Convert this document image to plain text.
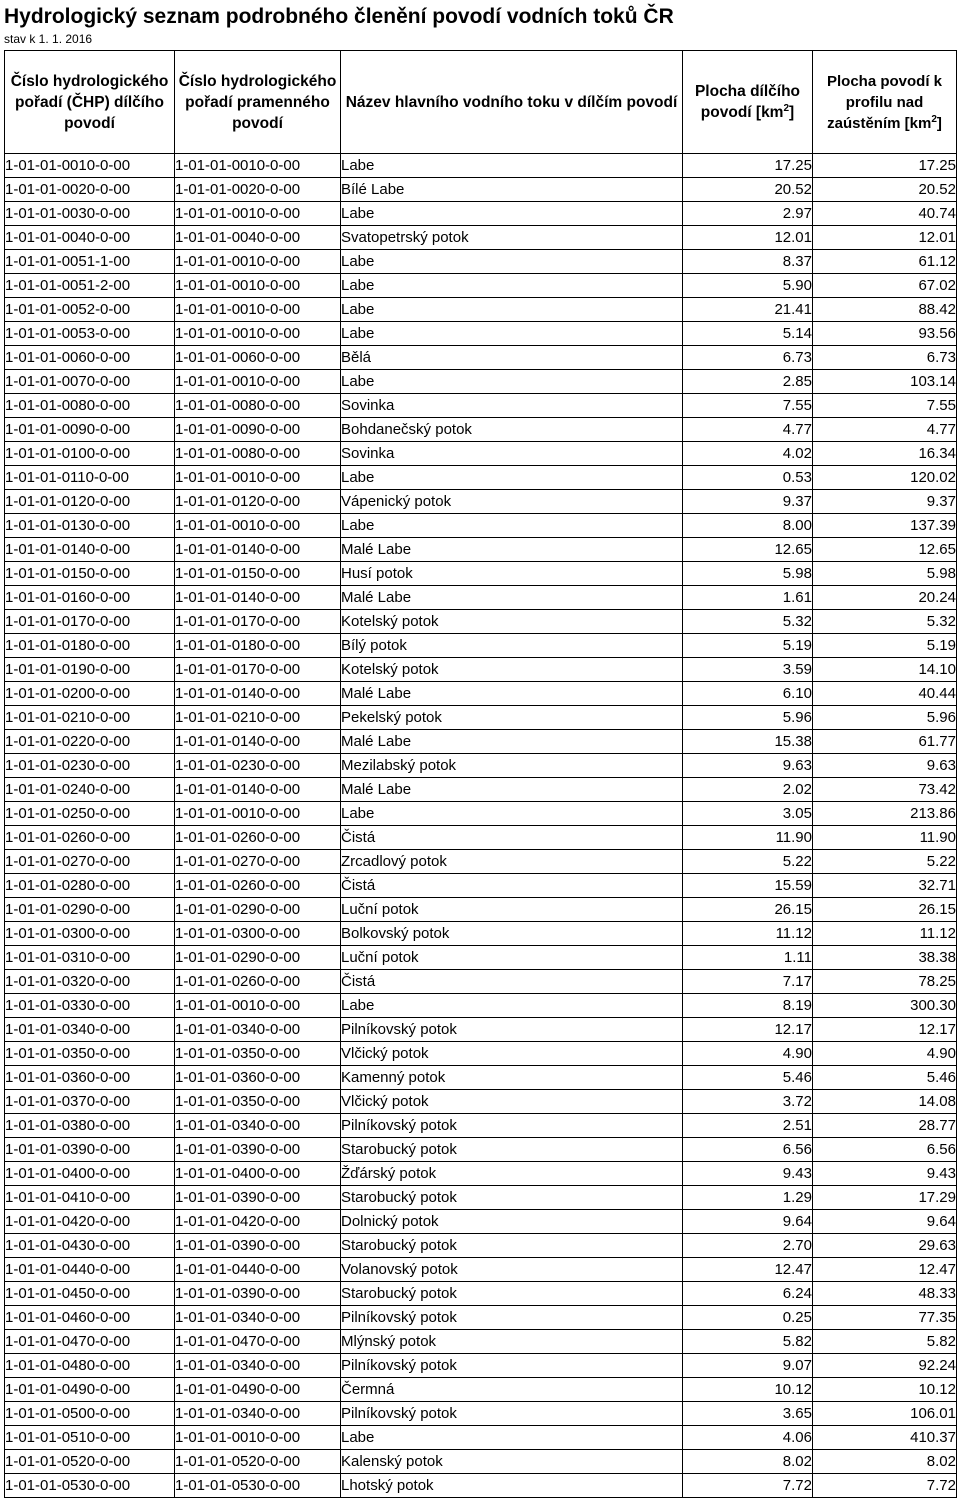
Hydrologický seznam podrobného členění povodí vodních toků ČR
stav k 1. 1. 2016
Číslo hydrologického pořadí (ČHP) dílčího povodí	Číslo hydrologického pořadí pramenného povodí	Název hlavního vodního toku v dílčím povodí	Plocha dílčího povodí $[km^2]$	Plocha povodí k profilu nad zaústěním $[km^2]$
1-01-01-0010-0-00	1-01-01-0010-0-00	Labe	17.25	17.25
1-01-01-0020-0-00	1-01-01-0020-0-00	Bílé Labe	20.52	20.52
1-01-01-0030-0-00	1-01-01-0010-0-00	Labe	2.97	40.74
1-01-01-0040-0-00	1-01-01-0040-0-00	Svatopetrský potok	12.01	12.01
1-01-01-0051-1-00	1-01-01-0010-0-00	Labe	8.37	61.12
1-01-01-0051-2-00	1-01-01-0010-0-00	Labe	5.90	67.02
1-01-01-0052-0-00	1-01-01-0010-0-00	Labe	21.41	88.42
1-01-01-0053-0-00	1-01-01-0010-0-00	Labe	5.14	93.56
1-01-01-0060-0-00	1-01-01-0060-0-00	Bělá	6.73	6.73
1-01-01-0070-0-00	1-01-01-0010-0-00	Labe	2.85	103.14
1-01-01-0080-0-00	1-01-01-0080-0-00	Sovinka	7.55	7.55
1-01-01-0090-0-00	1-01-01-0090-0-00	Bohdanečský potok	4.77	4.77
1-01-01-0100-0-00	1-01-01-0080-0-00	Sovinka	4.02	16.34
1-01-01-0110-0-00	1-01-01-0010-0-00	Labe	0.53	120.02
1-01-01-0120-0-00	1-01-01-0120-0-00	Vápenický potok	9.37	9.37
1-01-01-0130-0-00	1-01-01-0010-0-00	Labe	8.00	137.39
1-01-01-0140-0-00	1-01-01-0140-0-00	Malé Labe	12.65	12.65
1-01-01-0150-0-00	1-01-01-0150-0-00	Husí potok	5.98	5.98
1-01-01-0160-0-00	1-01-01-0140-0-00	Malé Labe	1.61	20.24
1-01-01-0170-0-00	1-01-01-0170-0-00	Kotelský potok	5.32	5.32
1-01-01-0180-0-00	1-01-01-0180-0-00	Bílý potok	5.19	5.19
1-01-01-0190-0-00	1-01-01-0170-0-00	Kotelský potok	3.59	14.10
1-01-01-0200-0-00	1-01-01-0140-0-00	Malé Labe	6.10	40.44
1-01-01-0210-0-00	1-01-01-0210-0-00	Pekelský potok	5.96	5.96
1-01-01-0220-0-00	1-01-01-0140-0-00	Malé Labe	15.38	61.77
1-01-01-0230-0-00	1-01-01-0230-0-00	Mezilabský potok	9.63	9.63
1-01-01-0240-0-00	1-01-01-0140-0-00	Malé Labe	2.02	73.42
1-01-01-0250-0-00	1-01-01-0010-0-00	Labe	3.05	213.86
1-01-01-0260-0-00	1-01-01-0260-0-00	Čistá	11.90	11.90
1-01-01-0270-0-00	1-01-01-0270-0-00	Zrcadlový potok	5.22	5.22
1-01-01-0280-0-00	1-01-01-0260-0-00	Čistá	15.59	32.71
1-01-01-0290-0-00	1-01-01-0290-0-00	Luční potok	26.15	26.15
1-01-01-0300-0-00	1-01-01-0300-0-00	Bolkovský potok	11.12	11.12
1-01-01-0310-0-00	1-01-01-0290-0-00	Luční potok	1.11	38.38
1-01-01-0320-0-00	1-01-01-0260-0-00	Čistá	7.17	78.25
1-01-01-0330-0-00	1-01-01-0010-0-00	Labe	8.19	300.30
1-01-01-0340-0-00	1-01-01-0340-0-00	Pilníkovský potok	12.17	12.17
1-01-01-0350-0-00	1-01-01-0350-0-00	Vlčický potok	4.90	4.90
1-01-01-0360-0-00	1-01-01-0360-0-00	Kamenný potok	5.46	5.46
1-01-01-0370-0-00	1-01-01-0350-0-00	Vlčický potok	3.72	14.08
1-01-01-0380-0-00	1-01-01-0340-0-00	Pilníkovský potok	2.51	28.77
1-01-01-0390-0-00	1-01-01-0390-0-00	Starobucký potok	6.56	6.56
1-01-01-0400-0-00	1-01-01-0400-0-00	Žďárský potok	9.43	9.43
1-01-01-0410-0-00	1-01-01-0390-0-00	Starobucký potok	1.29	17.29
1-01-01-0420-0-00	1-01-01-0420-0-00	Dolnický potok	9.64	9.64
1-01-01-0430-0-00	1-01-01-0390-0-00	Starobucký potok	2.70	29.63
1-01-01-0440-0-00	1-01-01-0440-0-00	Volanovský potok	12.47	12.47
1-01-01-0450-0-00	1-01-01-0390-0-00	Starobucký potok	6.24	48.33
1-01-01-0460-0-00	1-01-01-0340-0-00	Pilníkovský potok	0.25	77.35
1-01-01-0470-0-00	1-01-01-0470-0-00	Mlýnský potok	5.82	5.82
1-01-01-0480-0-00	1-01-01-0340-0-00	Pilníkovský potok	9.07	92.24
1-01-01-0490-0-00	1-01-01-0490-0-00	Čermná	10.12	10.12
1-01-01-0500-0-00	1-01-01-0340-0-00	Pilníkovský potok	3.65	106.01
1-01-01-0510-0-00	1-01-01-0010-0-00	Labe	4.06	410.37
1-01-01-0520-0-00	1-01-01-0520-0-00	Kalenský potok	8.02	8.02
1-01-01-0530-0-00	1-01-01-0530-0-00	Lhotský potok	7.72	7.72
